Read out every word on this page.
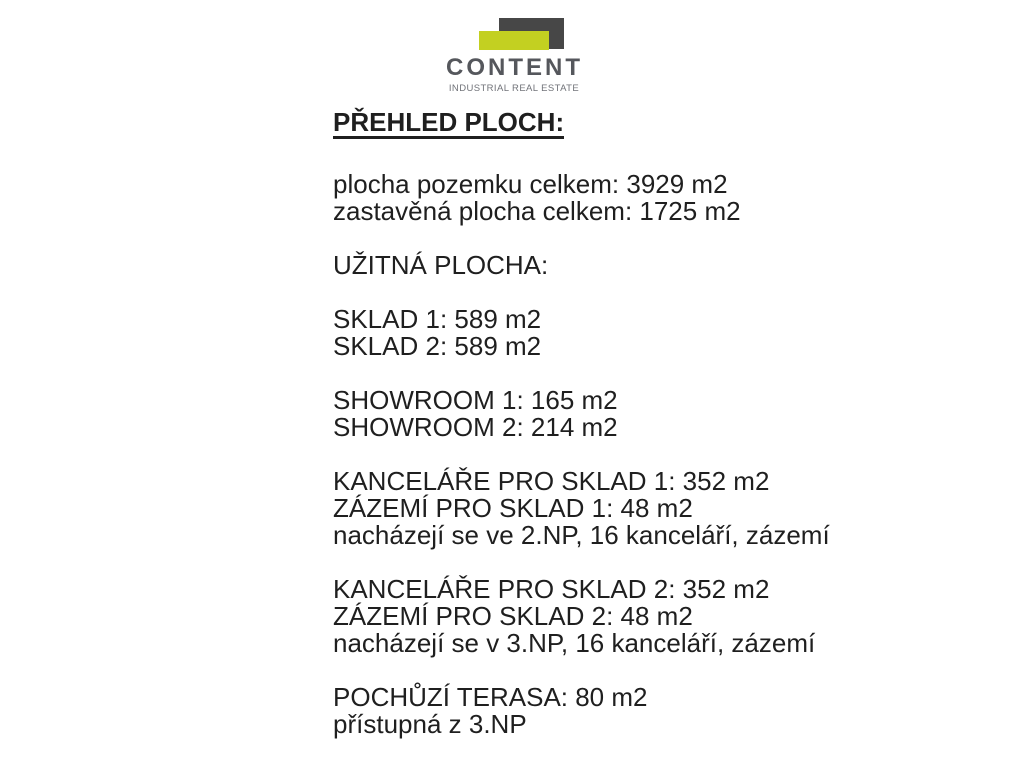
CONTENT
INDUSTRIAL REAL ESTATE
PŘEHLED PLOCH:
plocha pozemku celkem: 3929 m2
zastavěná plocha celkem: 1725 m2
UŽITNÁ PLOCHA:
SKLAD 1: 589 m2
SKLAD 2: 589 m2
SHOWROOM 1: 165 m2
SHOWROOM 2: 214 m2
KANCELÁŘE PRO SKLAD 1: 352 m2
ZÁZEMÍ PRO SKLAD 1: 48 m2
nacházejí se ve 2.NP, 16 kanceláří, zázemí
KANCELÁŘE PRO SKLAD 2: 352 m2
ZÁZEMÍ PRO SKLAD 2: 48 m2
nacházejí se v 3.NP, 16 kanceláří, zázemí
POCHŮZÍ TERASA: 80 m2
přístupná z 3.NP
